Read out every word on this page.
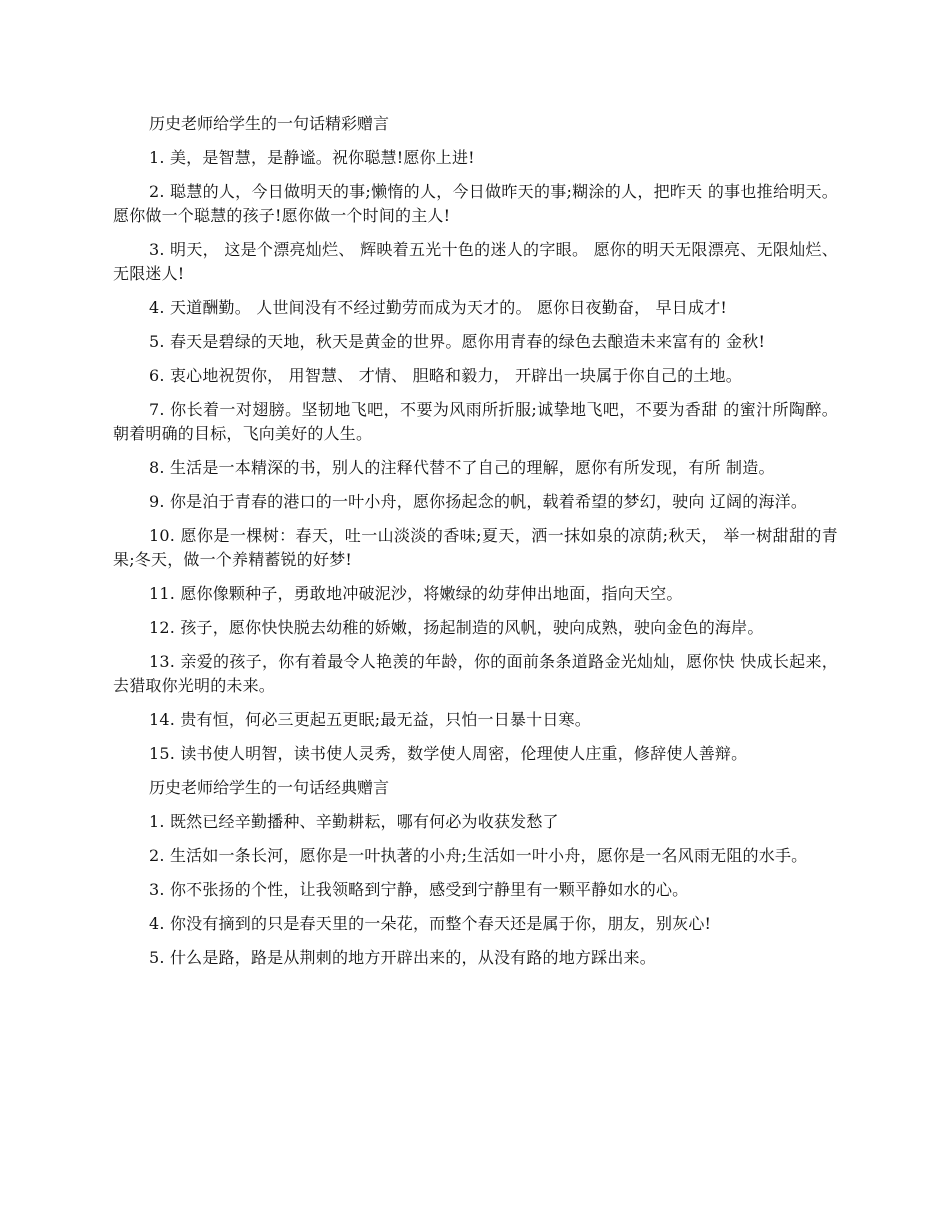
历史老师给学生的一句话精彩赠言

1. 美，是智慧，是静谧。祝你聪慧!愿你上进!

2. 聪慧的人，今日做明天的事;懒惰的人，今日做昨天的事;糊涂的人，把昨天 的事也推给明天。愿你做一个聪慧的孩子!愿你做一个时间的主人!

3. 明天， 这是个漂亮灿烂、 辉映着五光十色的迷人的字眼。 愿你的明天无限漂亮、无限灿烂、无限迷人!

4. 天道酬勤。 人世间没有不经过勤劳而成为天才的。 愿你日夜勤奋， 早日成才!

5. 春天是碧绿的天地，秋天是黄金的世界。愿你用青春的绿色去酿造未来富有的 金秋!

6. 衷心地祝贺你， 用智慧、 才情、 胆略和毅力， 开辟出一块属于你自己的土地。

7. 你长着一对翅膀。坚韧地飞吧，不要为风雨所折服;诚挚地飞吧，不要为香甜 的蜜汁所陶醉。朝着明确的目标，飞向美好的人生。

8. 生活是一本精深的书，别人的注释代替不了自己的理解，愿你有所发现，有所 制造。

9. 你是泊于青春的港口的一叶小舟，愿你扬起念的帆，载着希望的梦幻，驶向 辽阔的海洋。

10. 愿你是一棵树：春天，吐一山淡淡的香味;夏天，洒一抹如泉的凉荫;秋天， 举一树甜甜的青果;冬天，做一个养精蓄锐的好梦!

11. 愿你像颗种子，勇敢地冲破泥沙，将嫩绿的幼芽伸出地面，指向天空。

12. 孩子，愿你快快脱去幼稚的娇嫩，扬起制造的风帆，驶向成熟，驶向金色的海岸。

13. 亲爱的孩子，你有着最令人艳羡的年龄，你的面前条条道路金光灿灿，愿你快 快成长起来，去猎取你光明的未来。

14. 贵有恒，何必三更起五更眠;最无益，只怕一日暴十日寒。

15. 读书使人明智，读书使人灵秀，数学使人周密，伦理使人庄重，修辞使人善辩。

历史老师给学生的一句话经典赠言

1. 既然已经辛勤播种、辛勤耕耘，哪有何必为收获发愁了

2. 生活如一条长河，愿你是一叶执著的小舟;生活如一叶小舟，愿你是一名风雨无阻的水手。

3. 你不张扬的个性，让我领略到宁静，感受到宁静里有一颗平静如水的心。

4. 你没有摘到的只是春天里的一朵花，而整个春天还是属于你，朋友，别灰心!

5. 什么是路，路是从荆刺的地方开辟出来的，从没有路的地方踩出来。
